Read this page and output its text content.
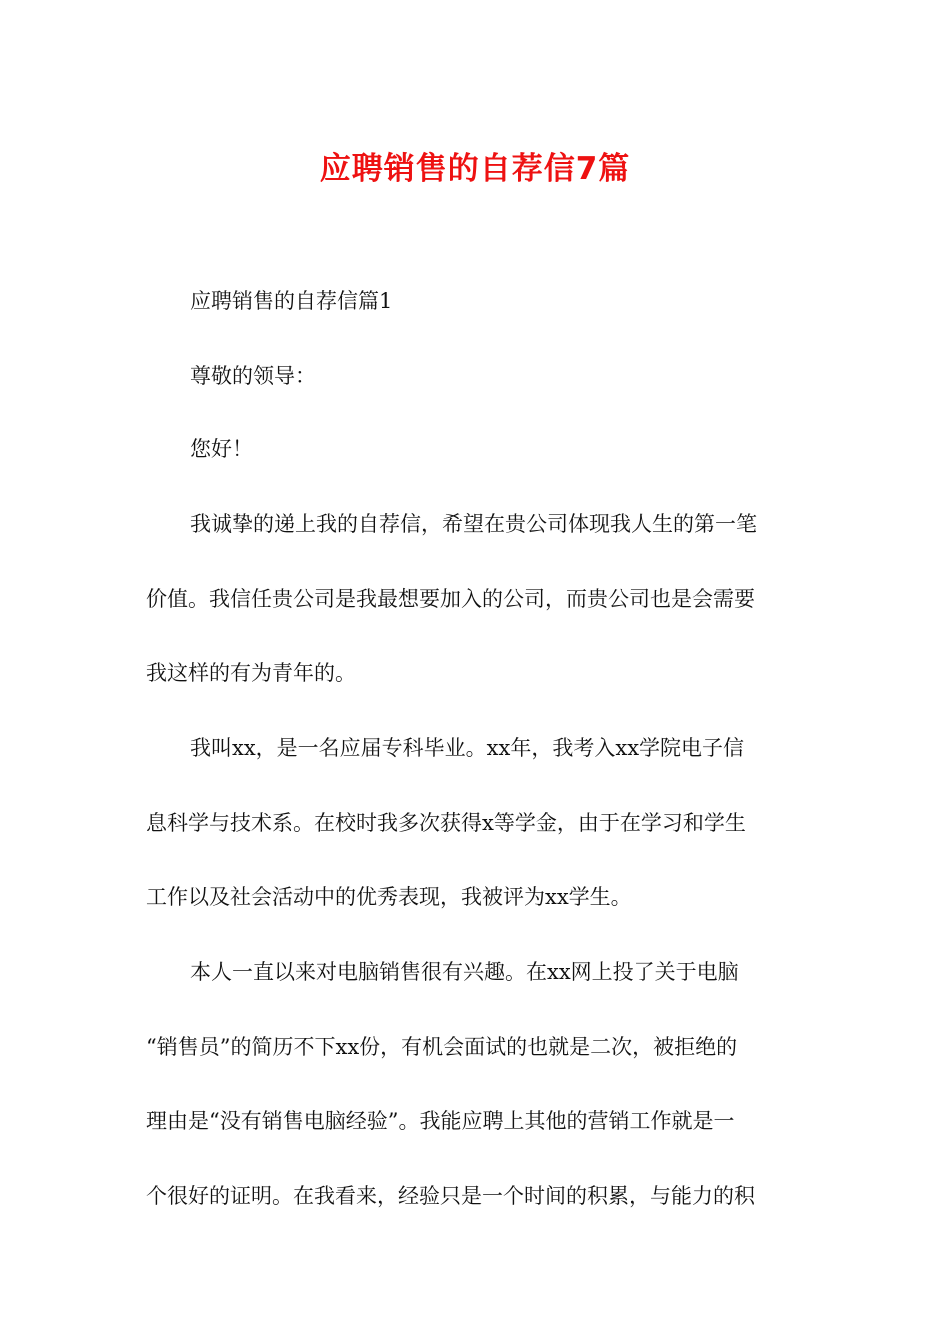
应聘销售的自荐信7篇
应聘销售的自荐信篇1
尊敬的领导：
您好！
我诚挚的递上我的自荐信，希望在贵公司体现我人生的第一笔
价值。我信任贵公司是我最想要加入的公司，而贵公司也是会需要
我这样的有为青年的。
我叫xx，是一名应届专科毕业。xx年，我考入xx学院电子信
息科学与技术系。在校时我多次获得x等学金，由于在学习和学生
工作以及社会活动中的优秀表现，我被评为xx学生。
本人一直以来对电脑销售很有兴趣。在xx网上投了关于电脑
“销售员”的简历不下xx份，有机会面试的也就是二次，被拒绝的
理由是“没有销售电脑经验”。我能应聘上其他的营销工作就是一
个很好的证明。在我看来，经验只是一个时间的积累，与能力的积
